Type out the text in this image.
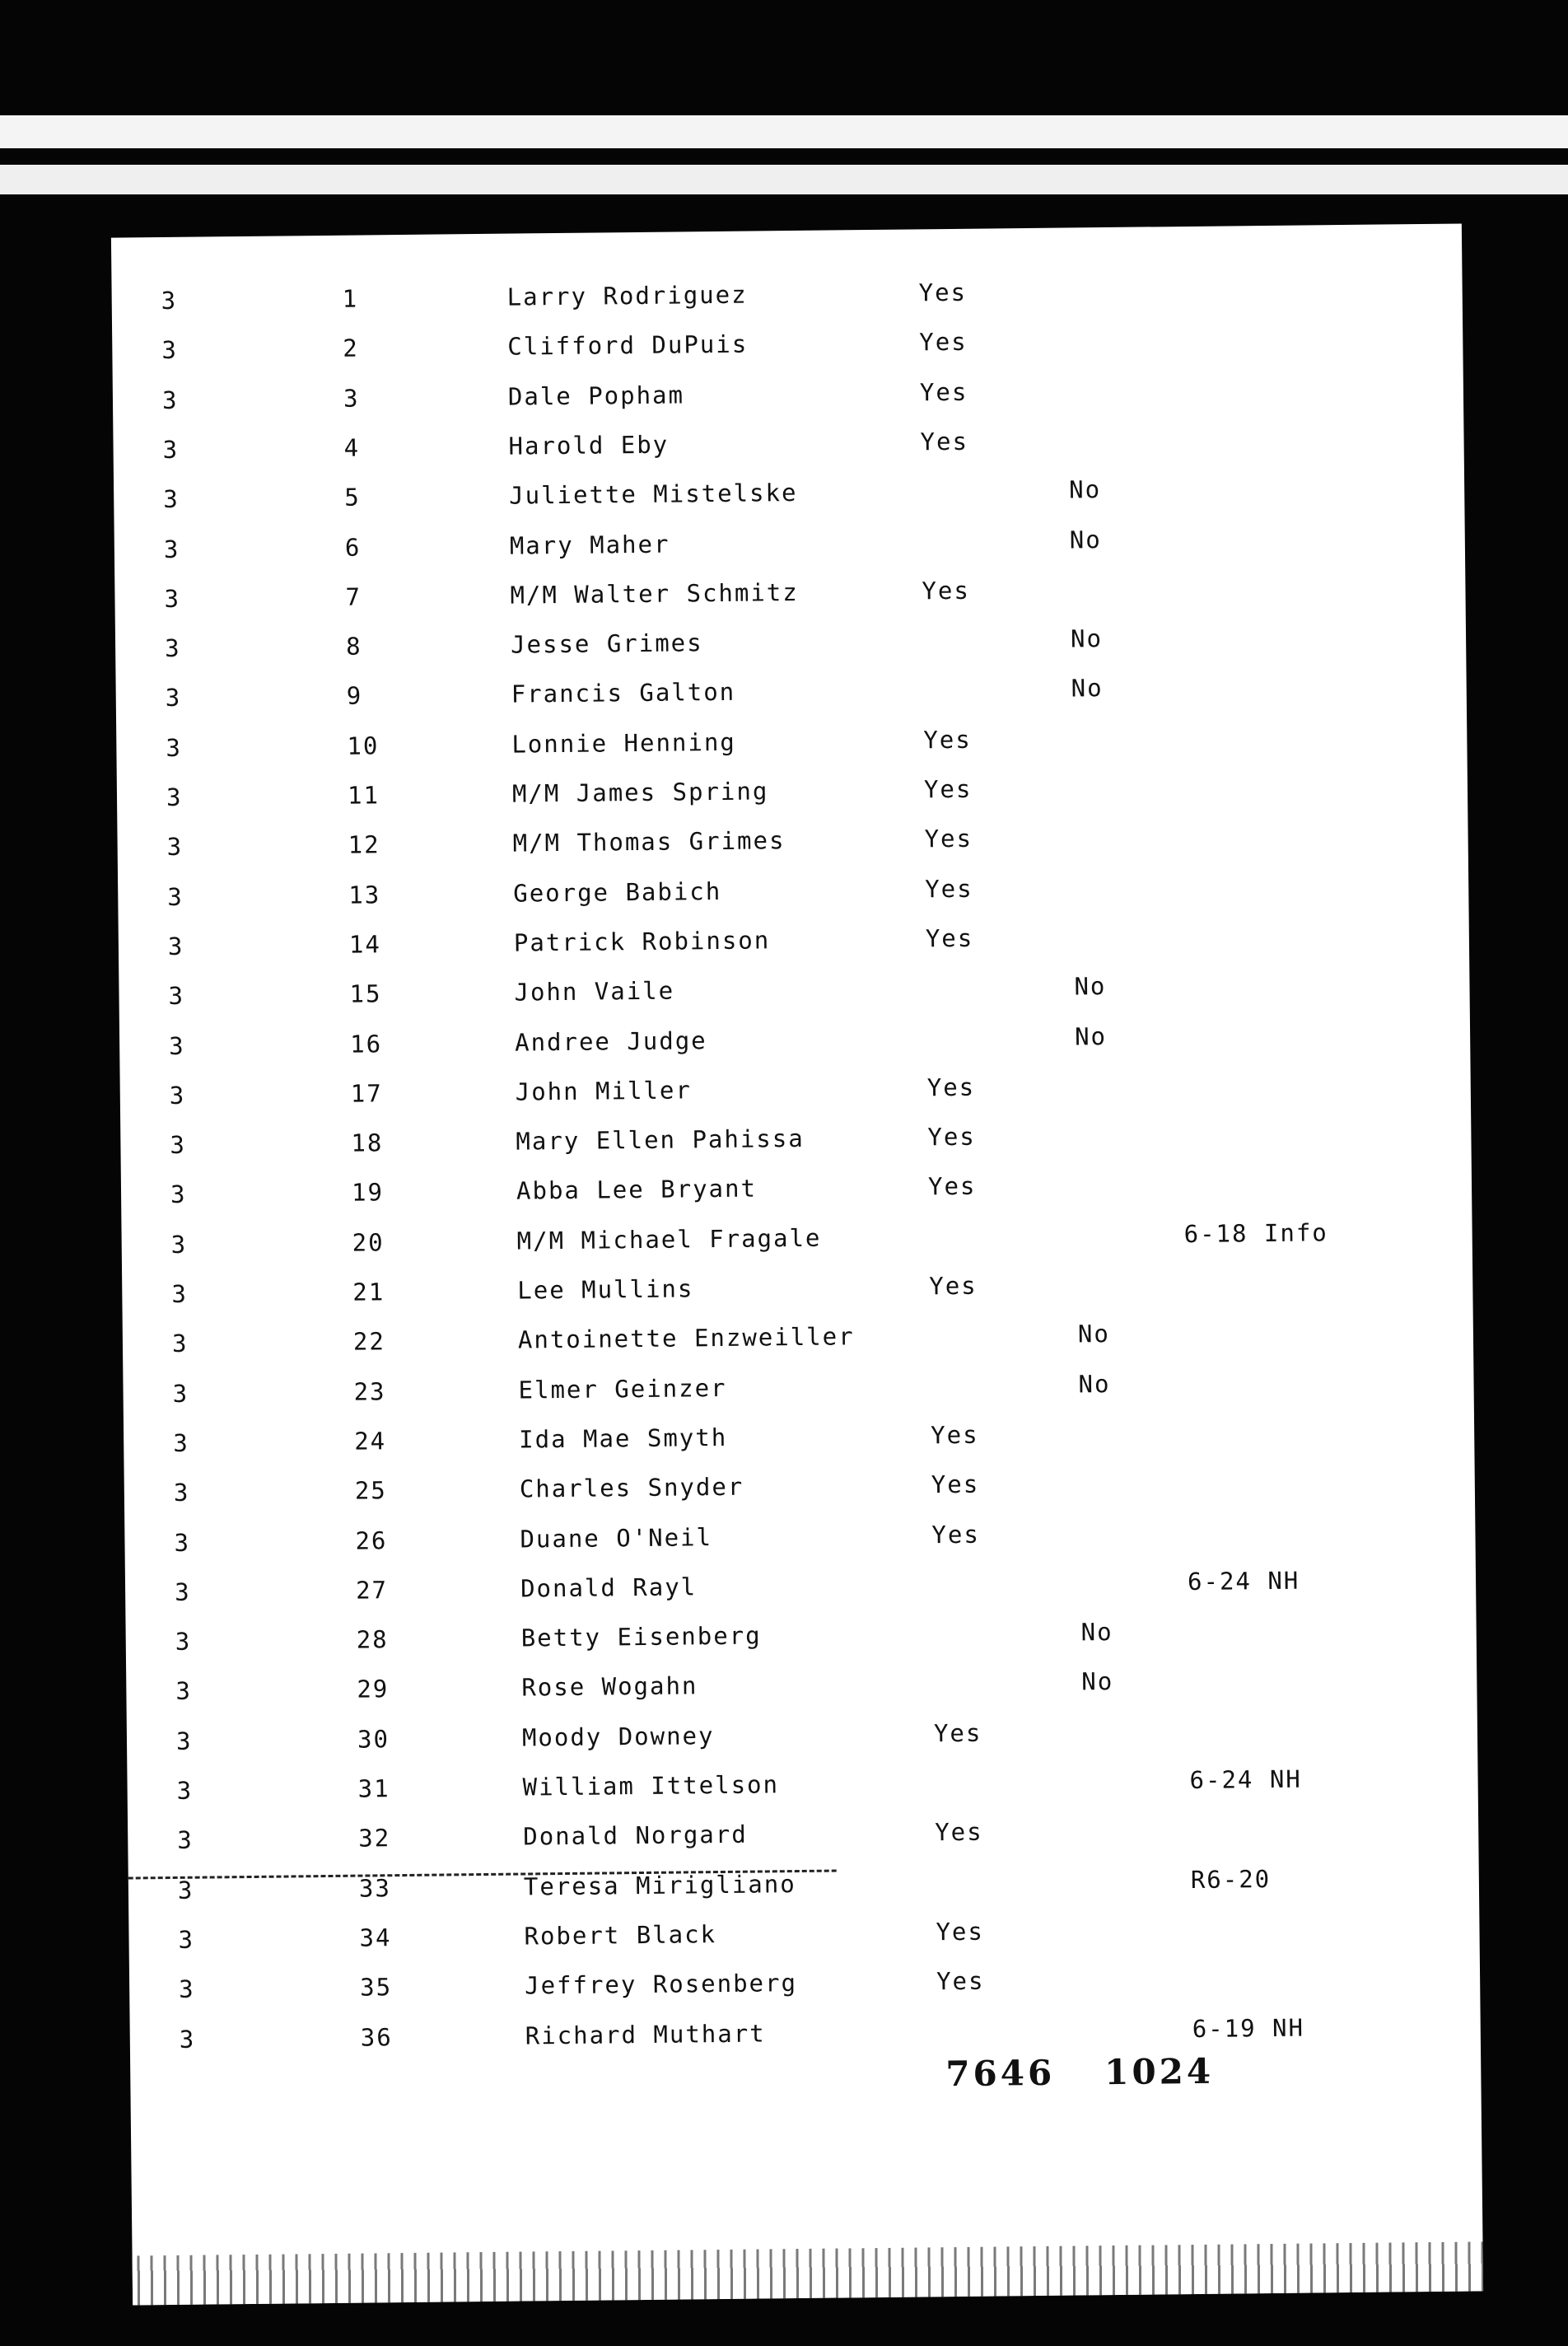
3	1	Larry Rodriguez	Yes
3	2	Clifford DuPuis	Yes
3	3	Dale Popham	Yes
3	4	Harold Eby	Yes
3	5	Juliette Mistelske	No
3	6	Mary Maher	No
3	7	M/M Walter Schmitz	Yes
3	8	Jesse Grimes	No
3	9	Francis Galton	No
3	10	Lonnie Henning	Yes
3	11	M/M James Spring	Yes
3	12	M/M Thomas Grimes	Yes
3	13	George Babich	Yes
3	14	Patrick Robinson	Yes
3	15	John Vaile	No
3	16	Andree Judge	No
3	17	John Miller	Yes
3	18	Mary Ellen Pahissa	Yes
3	19	Abba Lee Bryant	Yes
3	20	M/M Michael Fragale	6-18 Info
3	21	Lee Mullins	Yes
3	22	Antoinette Enzweiller	No
3	23	Elmer Geinzer	No
3	24	Ida Mae Smyth	Yes
3	25	Charles Snyder	Yes
3	26	Duane O'Neil	Yes
3	27	Donald Rayl	6-24 NH
3	28	Betty Eisenberg	No
3	29	Rose Wogahn	No
3	30	Moody Downey	Yes
3	31	William Ittelson	6-24 NH
3	32	Donald Norgard	Yes
3	33	Teresa Mirigliano	R6-20
3	34	Robert Black	Yes
3	35	Jeffrey Rosenberg	Yes
3	36	Richard Muthart	6-19 NH
7646 1024
